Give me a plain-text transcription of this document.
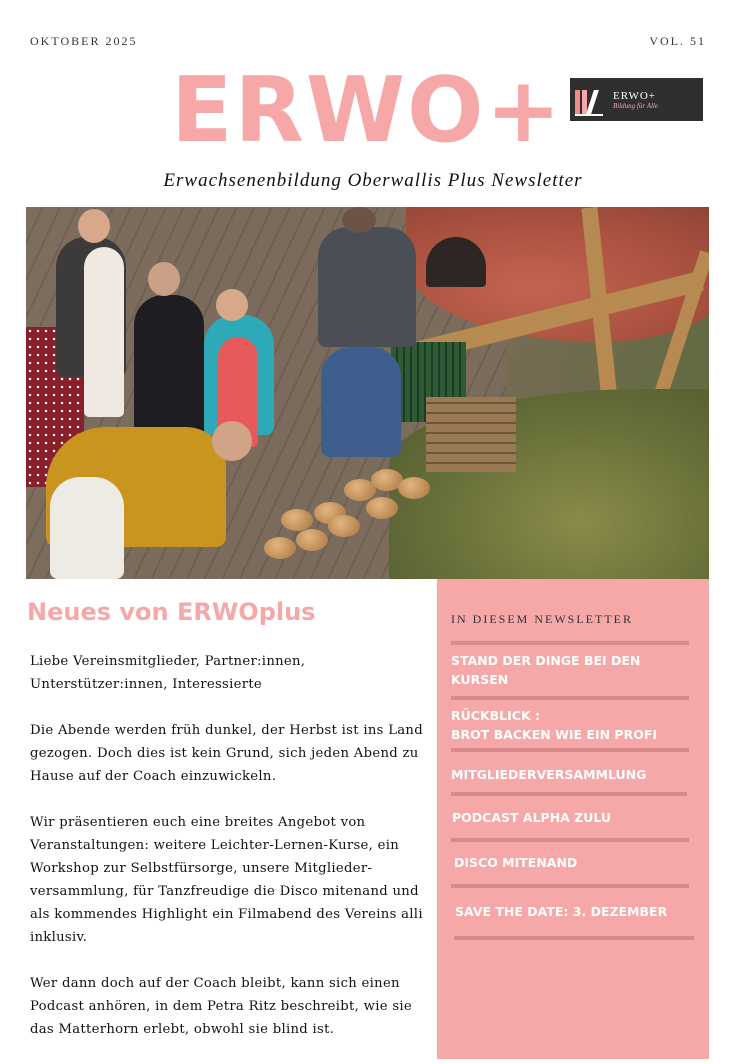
OKTOBER 2025	VOL. 51
ERWO+	ERWO+
Bildung für Alle
Erwachsenenbildung Oberwallis Plus Newsletter
Neues von ERWOplus

Liebe Vereinsmitglieder, Partner:innen, Unterstützer:innen, Interessierte

Die Abende werden früh dunkel, der Herbst ist ins Land gezogen. Doch dies ist kein Grund, sich jeden Abend zu Hause auf der Coach einzuwickeln.

Wir präsentieren euch eine breites Angebot von Veranstaltungen: weitere Leichter-Lernen-Kurse, ein Workshop zur Selbstfürsorge, unsere Mitglieder-versammlung, für Tanzfreudige die Disco mitenand und als kommendes Highlight ein Filmabend des Vereins alli inklusiv.

Wer dann doch auf der Coach bleibt, kann sich einen Podcast anhören, in dem Petra Ritz beschreibt, wie sie das Matterhorn erlebt, obwohl sie blind ist.

IN DIESEM NEWSLETTER
STAND DER DINGE BEI DEN
KURSEN
RÜCKBLICK :
BROT BACKEN WIE EIN PROFI
MITGLIEDERVERSAMMLUNG
PODCAST ALPHA ZULU
DISCO MITENAND
SAVE THE DATE: 3. DEZEMBER
